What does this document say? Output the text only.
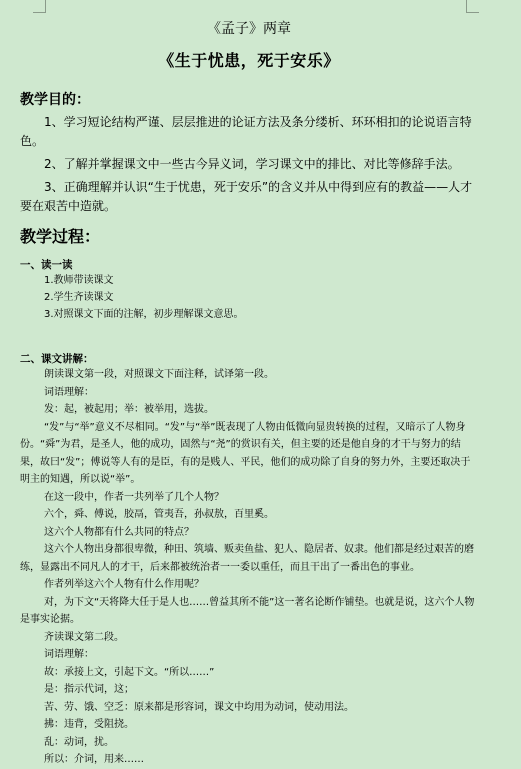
《孟子》两章
《生于忧患，死于安乐》
教学目的：
1、学习短论结构严谨、层层推进的论证方法及条分缕析、环环相扣的论说语言特色。
2、了解并掌握课文中一些古今异义词，学习课文中的排比、对比等修辞手法。
3、正确理解并认识“生于忧患，死于安乐”的含义并从中得到应有的教益——人才要在艰苦中造就。
教学过程：
一、读一读
1.教师带读课文
2.学生齐读课文
3.对照课文下面的注解，初步理解课文意思。
二、课文讲解：
朗读课文第一段，对照课文下面注释，试译第一段。
词语理解：
发：起，被起用；举：被举用，选拔。
“发”与“举”意义不尽相同。“发”与“举”既表现了人物由低微向显贵转换的过程，又暗示了人物身份。“舜”为君，是圣人，他的成功，固然与“尧”的赏识有关，但主要的还是他自身的才干与努力的结果，故曰“发”；傅说等人有的是臣，有的是贱人、平民，他们的成功除了自身的努力外，主要还取决于明主的知遇，所以说“举”。
在这一段中，作者一共列举了几个人物？
六个，舜、傅说，胶鬲，管夷吾，孙叔敖，百里奚。
这六个人物都有什么共同的特点？
这六个人物出身都很卑微，种田、筑墙、贩卖鱼盐、犯人、隐居者、奴隶。他们都是经过艰苦的磨练，显露出不同凡人的才干，后来都被统治者一一委以重任，而且干出了一番出色的事业。
作者列举这六个人物有什么作用呢？
对，为下文“天将降大任于是人也……曾益其所不能”这一著名论断作铺垫。也就是说，这六个人物是事实论据。
齐读课文第二段。
词语理解：
故：承接上文，引起下文。“所以……”
是：指示代词，这；
苦、劳、饿、空乏：原来都是形容词，课文中均用为动词，使动用法。
拂：违背，受阻挠。
乱：动词，扰。
所以：介词，用来……
